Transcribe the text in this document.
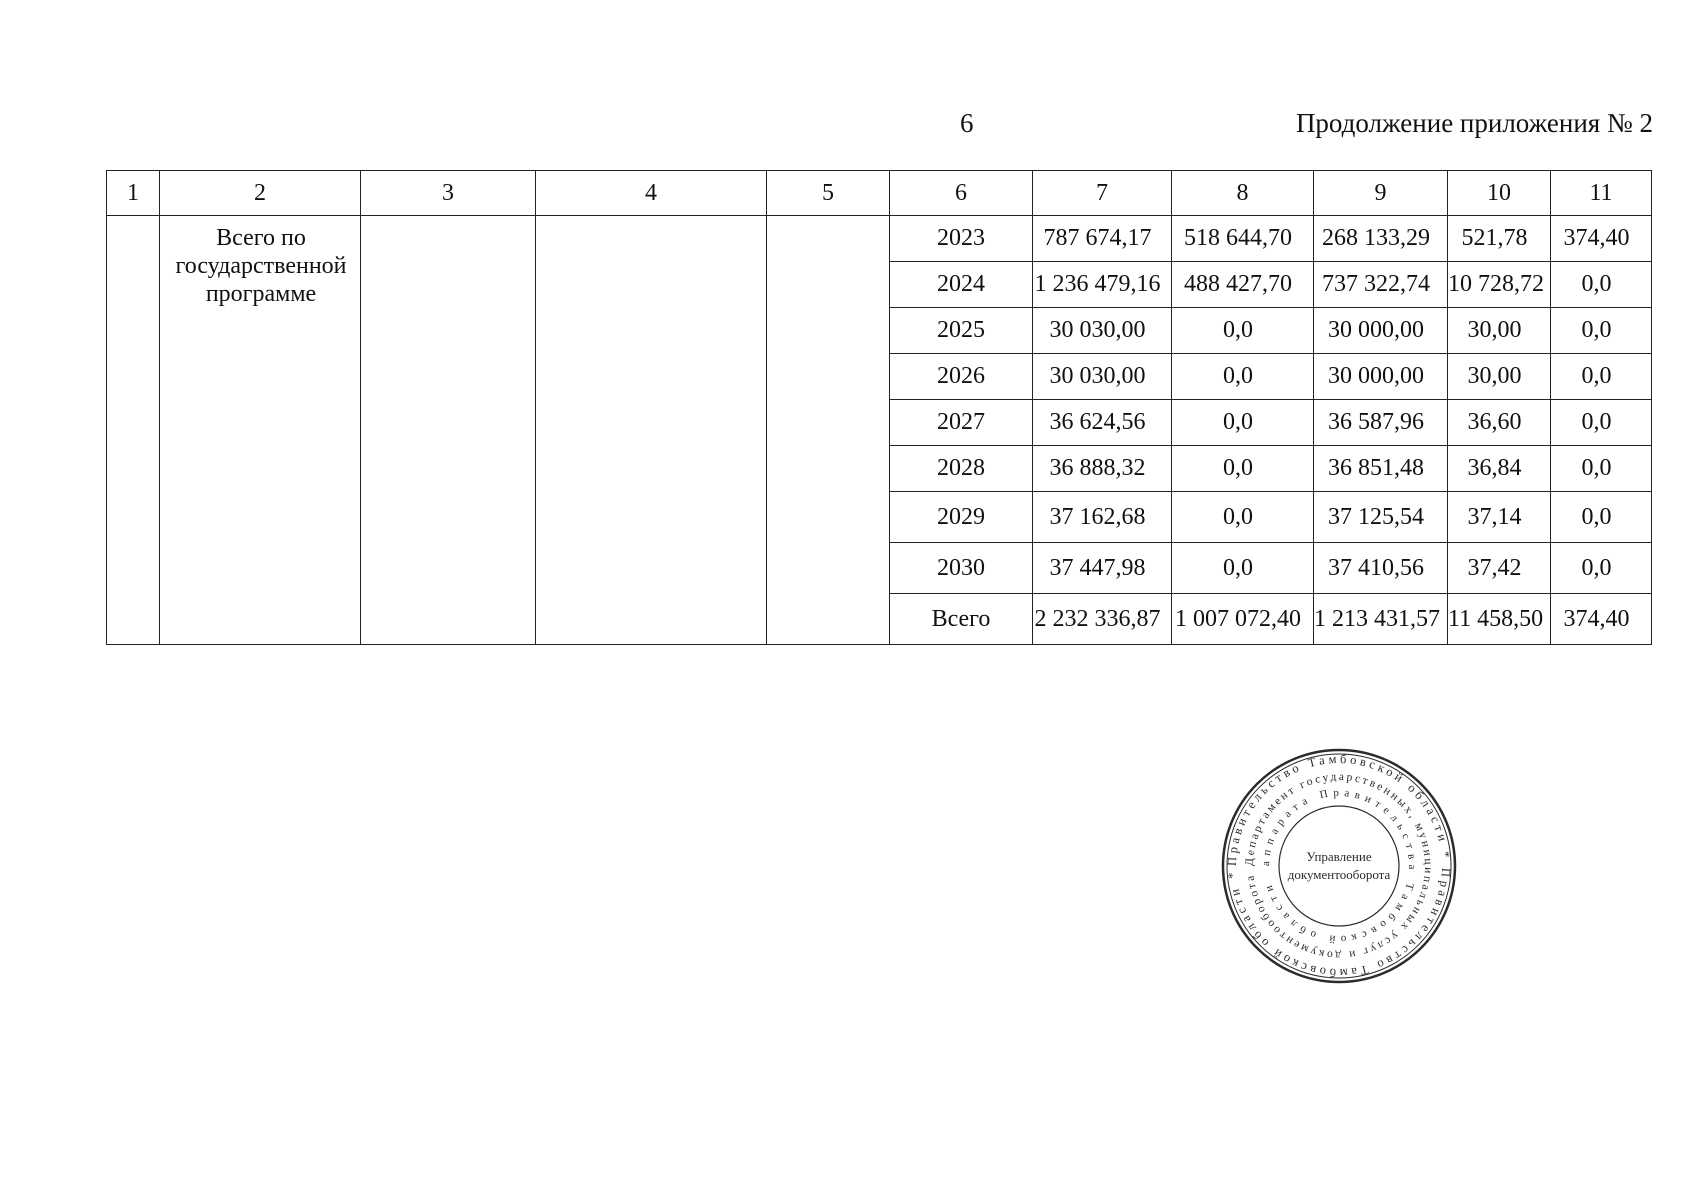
6	Продолжение приложения № 2
1	2	3	4	5	6	7	8	9	10	11
	Всего по государственной программе				2023	787 674,17	518 644,70	268 133,29	521,78	374,40
					2024	1 236 479,16	488 427,70	737 322,74	10 728,72	0,0
					2025	30 030,00	0,0	30 000,00	30,00	0,0
					2026	30 030,00	0,0	30 000,00	30,00	0,0
					2027	36 624,56	0,0	36 587,96	36,60	0,0
					2028	36 888,32	0,0	36 851,48	36,84	0,0
					2029	37 162,68	0,0	37 125,54	37,14	0,0
					2030	37 447,98	0,0	37 410,56	37,42	0,0
					Всего	2 232 336,87	1 007 072,40	1 213 431,57	11 458,50	374,40
Правительство Тамбовской области * Правительство Тамбовской области *
Департамент государственных, муниципальных услуг и документооборота
аппарата Правительства Тамбовской области
Управление
документооборота
